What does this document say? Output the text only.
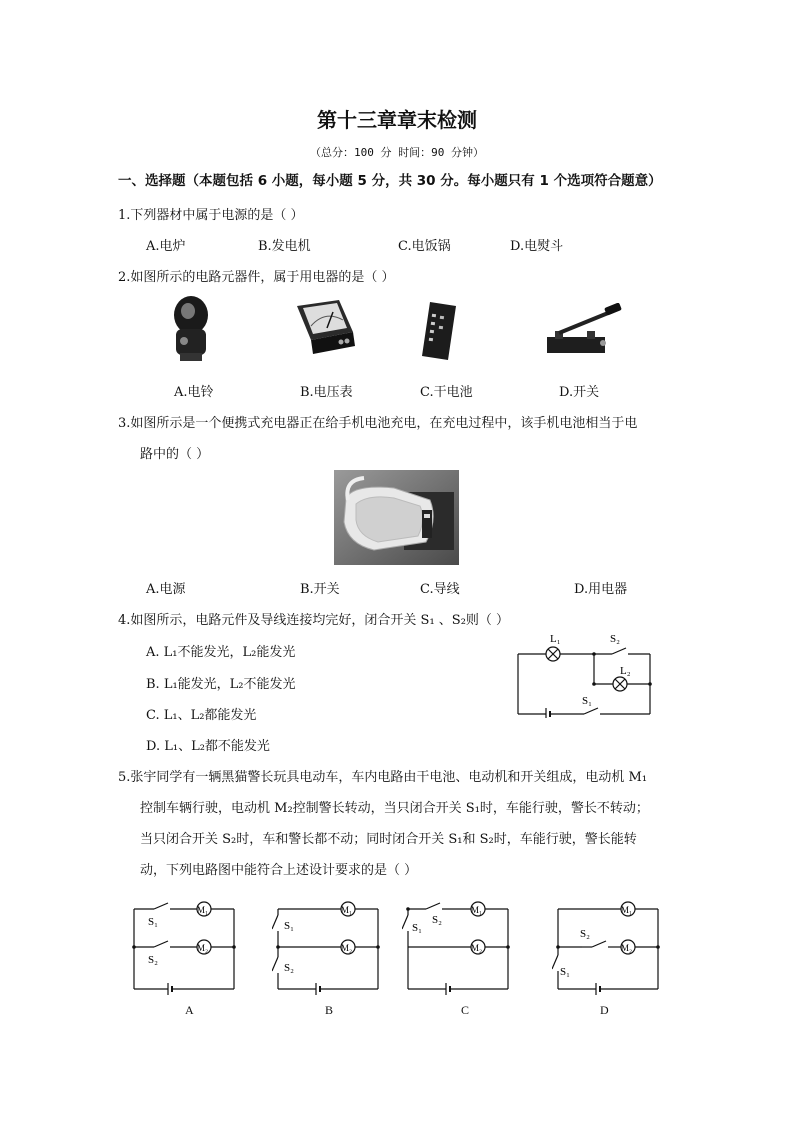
第十三章章末检测
（总分：100 分 时间：90 分钟）
一、选择题（本题包括 6 小题，每小题 5 分，共 30 分。每小题只有 1 个选项符合题意）
1.下列器材中属于电源的是（ ）
A.电炉	B.发电机	C.电饭锅	D.电熨斗
2.如图所示的电路元器件，属于用电器的是（ ）
A.电铃	B.电压表	C.干电池	D.开关
3.如图所示是一个便携式充电器正在给手机电池充电，在充电过程中，该手机电池相当于电
路中的（ ）
A.电源	B.开关	C.导线	D.用电器
4.如图所示，电路元件及导线连接均完好，闭合开关 S₁ 、S₂则（ ）
A. L₁不能发光，L₂能发光
B. L₁能发光，L₂不能发光
C. L₁、L₂都能发光
D. L₁、L₂都不能发光
L₁	S₂
L₂
S₁
5.张宇同学有一辆黑猫警长玩具电动车，车内电路由干电池、电动机和开关组成，电动机 M₁
控制车辆行驶，电动机 M₂控制警长转动，当只闭合开关 S₁时，车能行驶，警长不转动；
当只闭合开关 S₂时，车和警长都不动；同时闭合开关 S₁和 S₂时，车能行驶，警长能转
动，下列电路图中能符合上述设计要求的是（ ）
S₁
S₂
M₁
M₂
A
S₁
S₂
M₁
M₂
B
S₁
S₂
M₁
M₂
C
S₂
S₁
M₁
M₂
D
